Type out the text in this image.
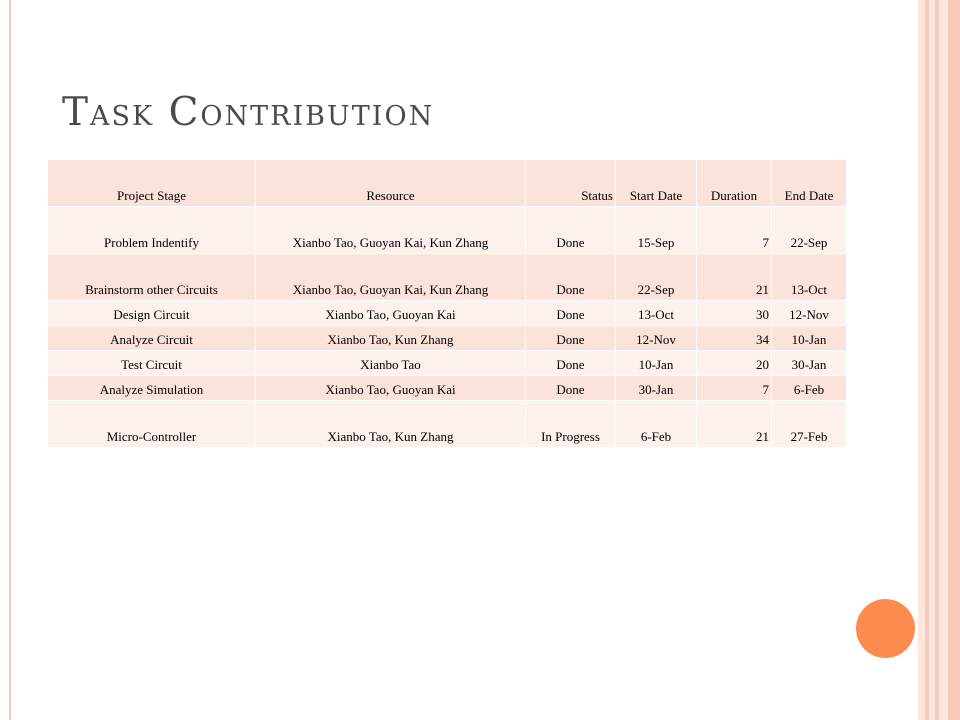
Task Contribution
Project Stage	Resource	Status	Start Date	Duration	End Date
Problem Indentify	Xianbo Tao, Guoyan Kai, Kun Zhang	Done	15-Sep	7	22-Sep
Brainstorm other Circuits	Xianbo Tao, Guoyan Kai, Kun Zhang	Done	22-Sep	21	13-Oct
Design Circuit	Xianbo Tao, Guoyan Kai	Done	13-Oct	30	12-Nov
Analyze Circuit	Xianbo Tao, Kun Zhang	Done	12-Nov	34	10-Jan
Test Circuit	Xianbo Tao	Done	10-Jan	20	30-Jan
Analyze Simulation	Xianbo Tao, Guoyan Kai	Done	30-Jan	7	6-Feb
Micro-Controller	Xianbo Tao, Kun Zhang	In Progress	6-Feb	21	27-Feb
